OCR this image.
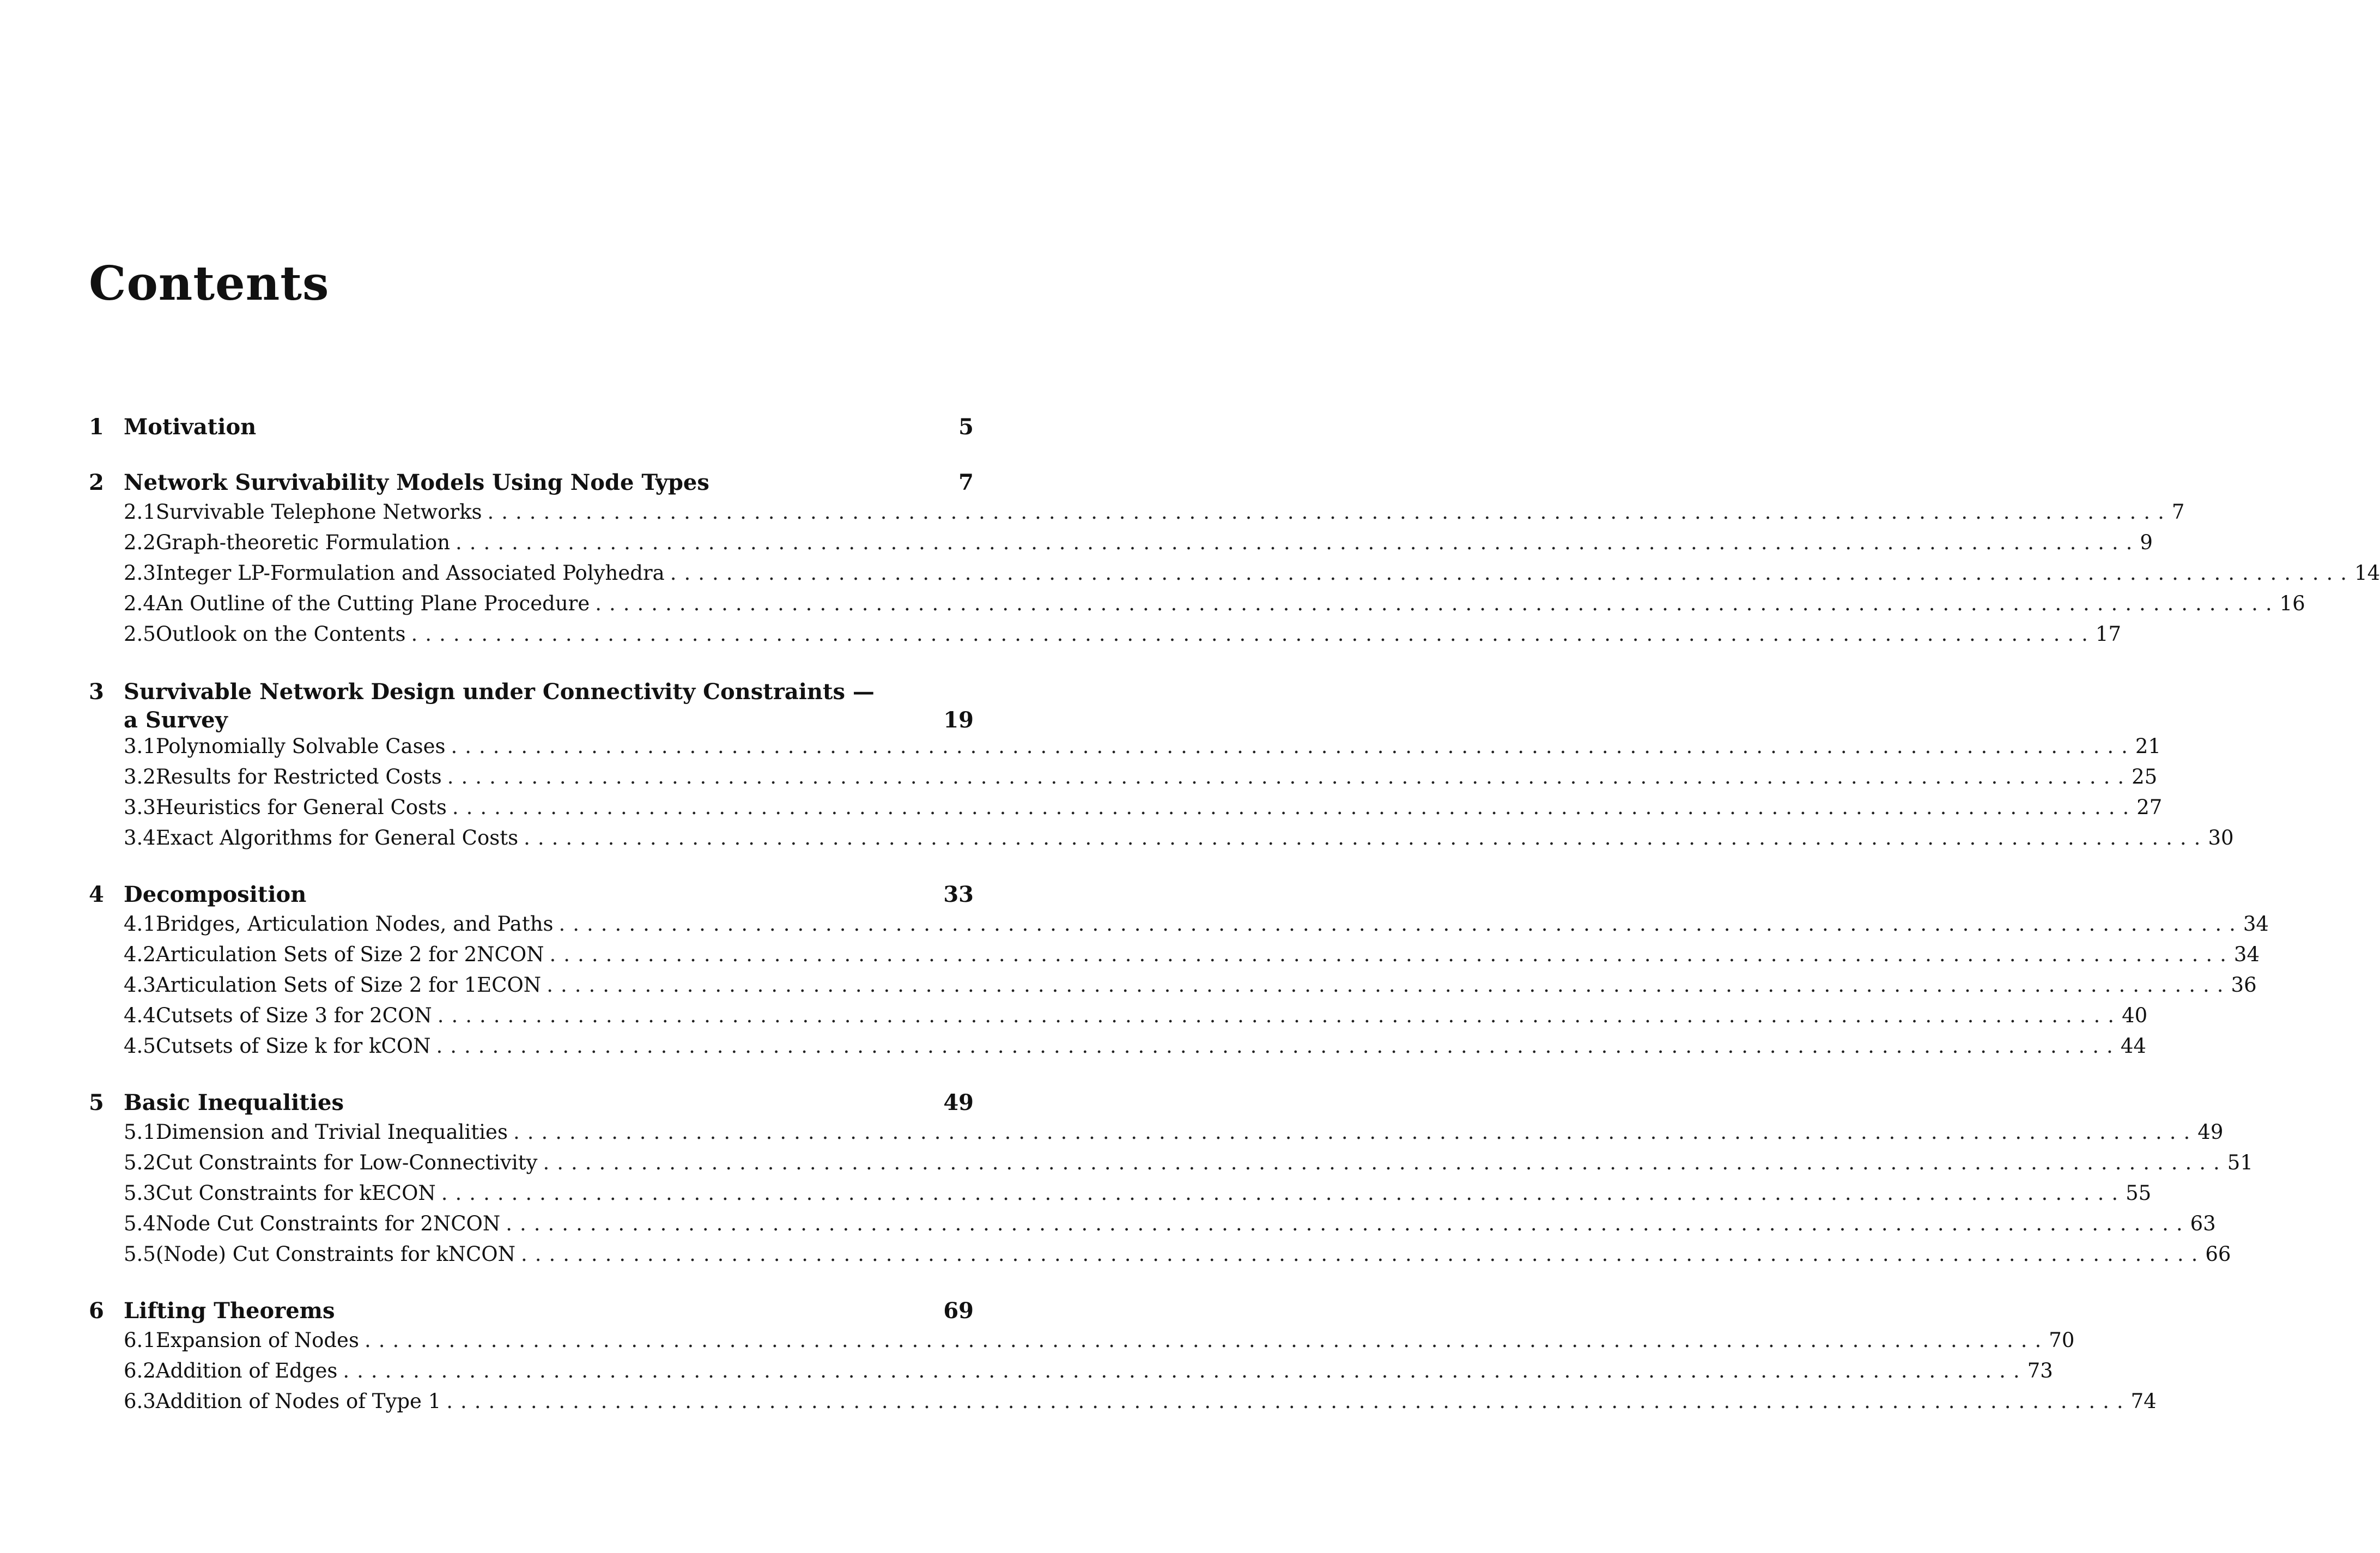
Contents
1 Motivation	5
2 Network Survivability Models Using Node Types	7
2.1 Survivable Telephone Networks ........................................................................................................................ 7
2.2 Graph-theoretic Formulation ........................................................................................................................ 9
2.3 Integer LP-Formulation and Associated Polyhedra ........................................................................................................................ 14
2.4 An Outline of the Cutting Plane Procedure ........................................................................................................................ 16
2.5 Outlook on the Contents ........................................................................................................................ 17
3 Survivable Network Design under Connectivity Constraints —
a Survey	19
3.1 Polynomially Solvable Cases ........................................................................................................................ 21
3.2 Results for Restricted Costs ........................................................................................................................ 25
3.3 Heuristics for General Costs ........................................................................................................................ 27
3.4 Exact Algorithms for General Costs ........................................................................................................................ 30
4 Decomposition	33
4.1 Bridges, Articulation Nodes, and Paths ........................................................................................................................ 34
4.2 Articulation Sets of Size 2 for 2NCON ........................................................................................................................ 34
4.3 Articulation Sets of Size 2 for 1ECON ........................................................................................................................ 36
4.4 Cutsets of Size 3 for 2CON ........................................................................................................................ 40
4.5 Cutsets of Size k for kCON ........................................................................................................................ 44
5 Basic Inequalities	49
5.1 Dimension and Trivial Inequalities ........................................................................................................................ 49
5.2 Cut Constraints for Low-Connectivity ........................................................................................................................ 51
5.3 Cut Constraints for kECON ........................................................................................................................ 55
5.4 Node Cut Constraints for 2NCON ........................................................................................................................ 63
5.5 (Node) Cut Constraints for kNCON ........................................................................................................................ 66
6 Lifting Theorems	69
6.1 Expansion of Nodes ........................................................................................................................ 70
6.2 Addition of Edges ........................................................................................................................ 73
6.3 Addition of Nodes of Type 1 ........................................................................................................................ 74
